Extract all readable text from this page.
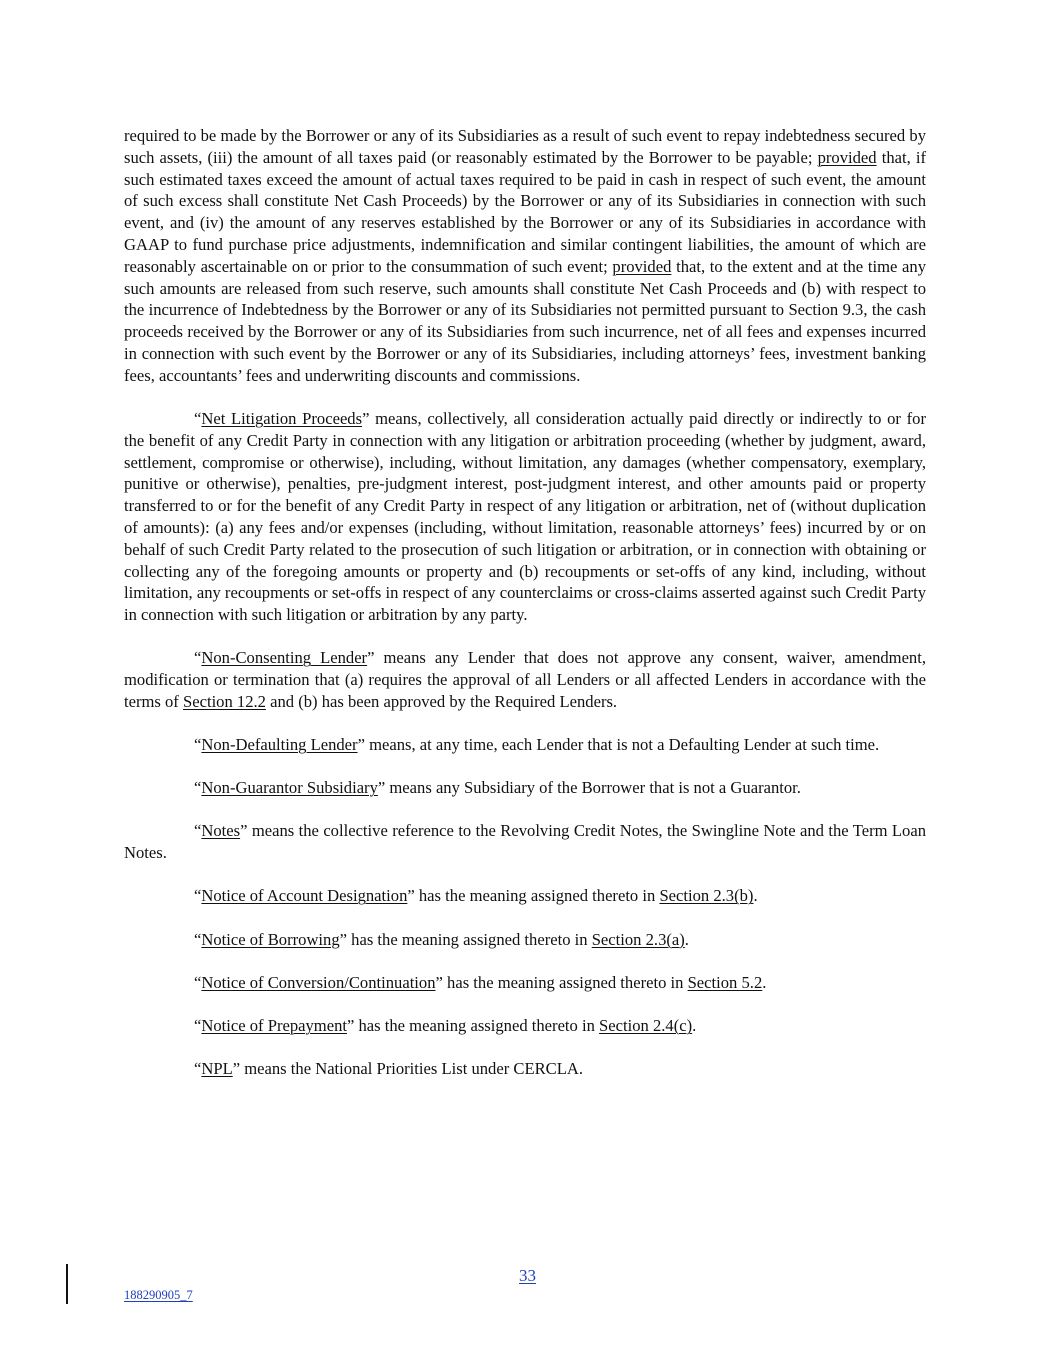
required to be made by the Borrower or any of its Subsidiaries as a result of such event to repay indebtedness secured by such assets, (iii) the amount of all taxes paid (or reasonably estimated by the Borrower to be payable; provided that, if such estimated taxes exceed the amount of actual taxes required to be paid in cash in respect of such event, the amount of such excess shall constitute Net Cash Proceeds) by the Borrower or any of its Subsidiaries in connection with such event, and (iv) the amount of any reserves established by the Borrower or any of its Subsidiaries in accordance with GAAP to fund purchase price adjustments, indemnification and similar contingent liabilities, the amount of which are reasonably ascertainable on or prior to the consummation of such event; provided that, to the extent and at the time any such amounts are released from such reserve, such amounts shall constitute Net Cash Proceeds and (b) with respect to the incurrence of Indebtedness by the Borrower or any of its Subsidiaries not permitted pursuant to Section 9.3, the cash proceeds received by the Borrower or any of its Subsidiaries from such incurrence, net of all fees and expenses incurred in connection with such event by the Borrower or any of its Subsidiaries, including attorneys’ fees, investment banking fees, accountants’ fees and underwriting discounts and commissions.

“Net Litigation Proceeds” means, collectively, all consideration actually paid directly or indirectly to or for the benefit of any Credit Party in connection with any litigation or arbitration proceeding (whether by judgment, award, settlement, compromise or otherwise), including, without limitation, any damages (whether compensatory, exemplary, punitive or otherwise), penalties, pre-judgment interest, post-judgment interest, and other amounts paid or property transferred to or for the benefit of any Credit Party in respect of any litigation or arbitration, net of (without duplication of amounts): (a) any fees and/or expenses (including, without limitation, reasonable attorneys’ fees) incurred by or on behalf of such Credit Party related to the prosecution of such litigation or arbitration, or in connection with obtaining or collecting any of the foregoing amounts or property and (b) recoupments or set-offs of any kind, including, without limitation, any recoupments or set-offs in respect of any counterclaims or cross-claims asserted against such Credit Party in connection with such litigation or arbitration by any party.

“Non-Consenting Lender” means any Lender that does not approve any consent, waiver, amendment, modification or termination that (a) requires the approval of all Lenders or all affected Lenders in accordance with the terms of Section 12.2 and (b) has been approved by the Required Lenders.

“Non-Defaulting Lender” means, at any time, each Lender that is not a Defaulting Lender at such time.

“Non-Guarantor Subsidiary” means any Subsidiary of the Borrower that is not a Guarantor.

“Notes” means the collective reference to the Revolving Credit Notes, the Swingline Note and the Term Loan Notes.

“Notice of Account Designation” has the meaning assigned thereto in Section 2.3(b).

“Notice of Borrowing” has the meaning assigned thereto in Section 2.3(a).

“Notice of Conversion/Continuation” has the meaning assigned thereto in Section 5.2.

“Notice of Prepayment” has the meaning assigned thereto in Section 2.4(c).

“NPL” means the National Priorities List under CERCLA.

33
188290905_7
